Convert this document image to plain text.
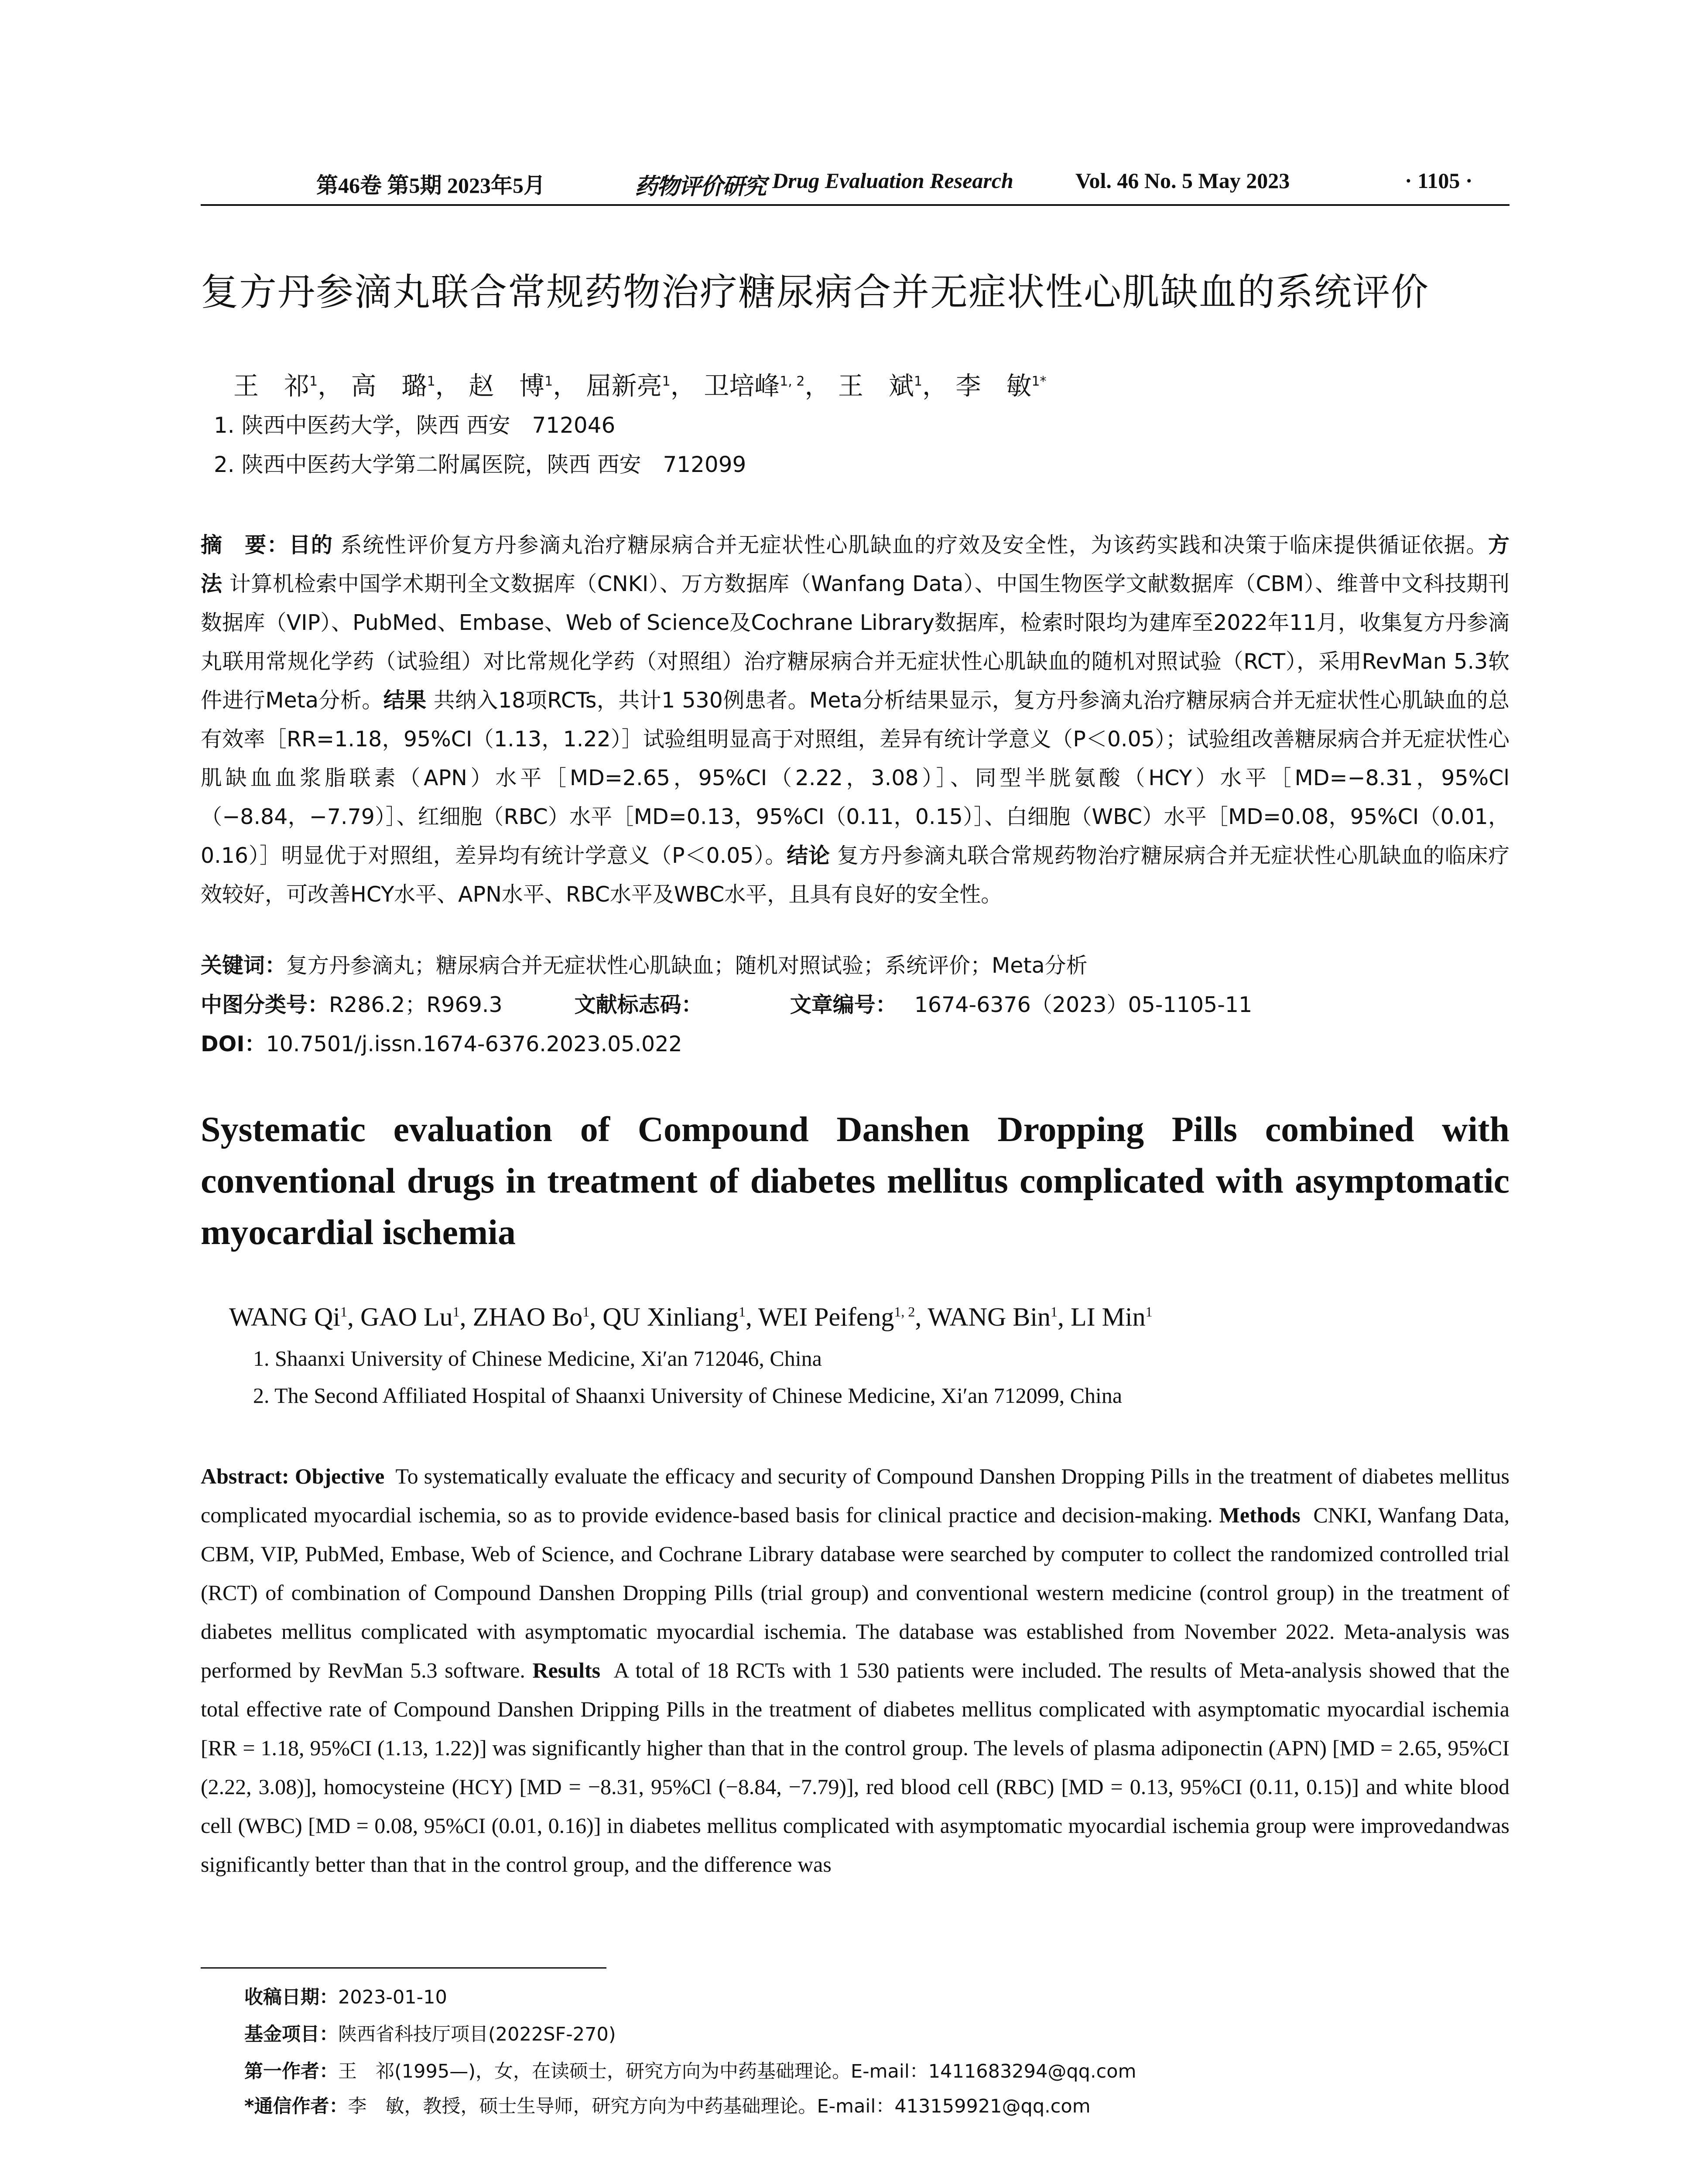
第46卷 第5期 2023年5月	药物评价研究 Drug Evaluation Research	Vol. 46 No. 5 May 2023	· 1105 ·
复方丹参滴丸联合常规药物治疗糖尿病合并无症状性心肌缺血的系统评价
王　祁$^1$， 高　璐$^1$， 赵　博$^1$， 屈新亮$^1$， 卫培峰$^{1, 2}$， 王　斌$^1$， 李　敏$^{1*}$
1. 陕西中医药大学，陕西 西安　712046
2. 陕西中医药大学第二附属医院，陕西 西安　712099
摘　要：目的 系统性评价复方丹参滴丸治疗糖尿病合并无症状性心肌缺血的疗效及安全性，为该药实践和决策于临床提供循证依据。方法 计算机检索中国学术期刊全文数据库（CNKI）、万方数据库（Wanfang Data）、中国生物医学文献数据库（CBM）、维普中文科技期刊数据库（VIP）、PubMed、Embase、Web of Science及Cochrane Library数据库，检索时限均为建库至2022年11月，收集复方丹参滴丸联用常规化学药（试验组）对比常规化学药（对照组）治疗糖尿病合并无症状性心肌缺血的随机对照试验（RCT），采用RevMan 5.3软件进行Meta分析。结果 共纳入18项RCTs，共计1 530例患者。Meta分析结果显示，复方丹参滴丸治疗糖尿病合并无症状性心肌缺血的总有效率［RR=1.18，95%CI（1.13，1.22）］试验组明显高于对照组，差异有统计学意义（P＜0.05）；试验组改善糖尿病合并无症状性心肌缺血血浆脂联素（APN）水平［MD=2.65，95%CI（2.22，3.08）］、同型半胱氨酸（HCY）水平［MD=−8.31，95%Cl（−8.84，−7.79）］、红细胞（RBC）水平［MD=0.13，95%CI（0.11，0.15）］、白细胞（WBC）水平［MD=0.08，95%CI（0.01，0.16）］明显优于对照组，差异均有统计学意义（P＜0.05）。结论 复方丹参滴丸联合常规药物治疗糖尿病合并无症状性心肌缺血的临床疗效较好，可改善HCY水平、APN水平、RBC水平及WBC水平，且具有良好的安全性。
关键词：复方丹参滴丸；糖尿病合并无症状性心肌缺血；随机对照试验；系统评价；Meta分析
中图分类号：R286.2；R969.3	文献标志码：	文章编号： 1674-6376（2023）05-1105-11
DOI：10.7501/j.issn.1674-6376.2023.05.022
Systematic evaluation of Compound Danshen Dropping Pills combined with conventional drugs in treatment of diabetes mellitus complicated with asymptomatic myocardial ischemia
WANG Qi$^1$, GAO Lu$^1$, ZHAO Bo$^1$, QU Xinliang$^1$, WEI Peifeng$^{1, 2}$, WANG Bin$^1$, LI Min$^1$
1. Shaanxi University of Chinese Medicine, Xi′an 712046, China
2. The Second Affiliated Hospital of Shaanxi University of Chinese Medicine, Xi′an 712099, China
Abstract: Objective To systematically evaluate the efficacy and security of Compound Danshen Dropping Pills in the treatment of diabetes mellitus complicated myocardial ischemia, so as to provide evidence-based basis for clinical practice and decision-making. Methods CNKI, Wanfang Data, CBM, VIP, PubMed, Embase, Web of Science, and Cochrane Library database were searched by computer to collect the randomized controlled trial (RCT) of combination of Compound Danshen Dropping Pills (trial group) and conventional western medicine (control group) in the treatment of diabetes mellitus complicated with asymptomatic myocardial ischemia. The database was established from November 2022. Meta-analysis was performed by RevMan 5.3 software. Results A total of 18 RCTs with 1 530 patients were included. The results of Meta-analysis showed that the total effective rate of Compound Danshen Dripping Pills in the treatment of diabetes mellitus complicated with asymptomatic myocardial ischemia [RR = 1.18, 95%CI (1.13, 1.22)] was significantly higher than that in the control group. The levels of plasma adiponectin (APN) [MD = 2.65, 95%CI (2.22, 3.08)], homocysteine (HCY) [MD = −8.31, 95%Cl (−8.84, −7.79)], red blood cell (RBC) [MD = 0.13, 95%CI (0.11, 0.15)] and white blood cell (WBC) [MD = 0.08, 95%CI (0.01, 0.16)] in diabetes mellitus complicated with asymptomatic myocardial ischemia group were improvedandwas significantly better than that in the control group, and the difference was
收稿日期：2023-01-10
基金项目：陕西省科技厅项目(2022SF-270)
第一作者：王　祁(1995—)，女，在读硕士，研究方向为中药基础理论。E-mail：1411683294@qq.com
*通信作者：李　敏，教授，硕士生导师，研究方向为中药基础理论。E-mail：413159921@qq.com
